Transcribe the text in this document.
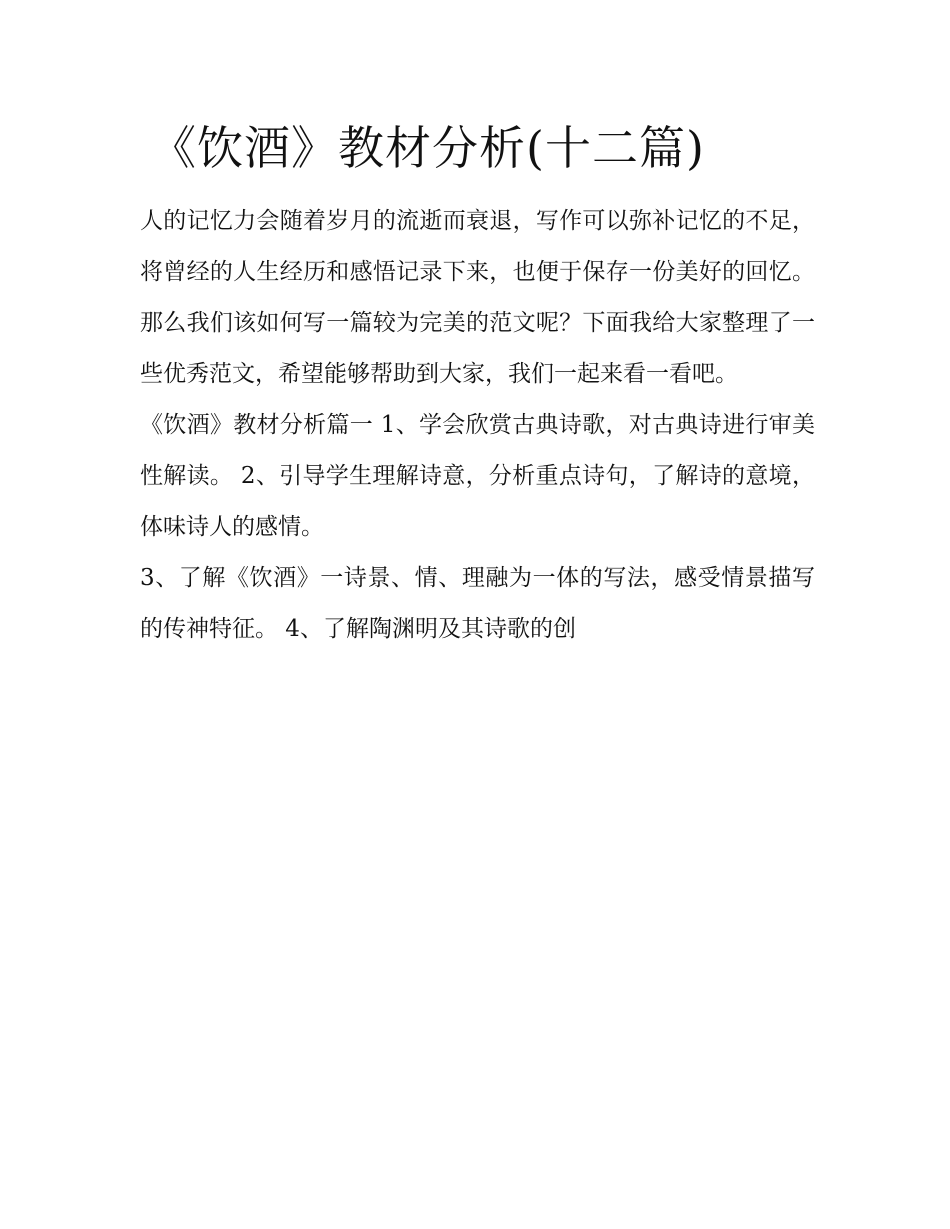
《饮酒》教材分析(十二篇)

人的记忆力会随着岁月的流逝而衰退，写作可以弥补记忆的不足，将曾经的人生经历和感悟记录下来，也便于保存一份美好的回忆。那么我们该如何写一篇较为完美的范文呢？下面我给大家整理了一些优秀范文，希望能够帮助到大家，我们一起来看一看吧。

《饮酒》教材分析篇一 1、学会欣赏古典诗歌，对古典诗进行审美性解读。 2、引导学生理解诗意，分析重点诗句，了解诗的意境，体味诗人的感情。

3、了解《饮酒》一诗景、情、理融为一体的写法，感受情景描写的传神特征。 4、了解陶渊明及其诗歌的创
